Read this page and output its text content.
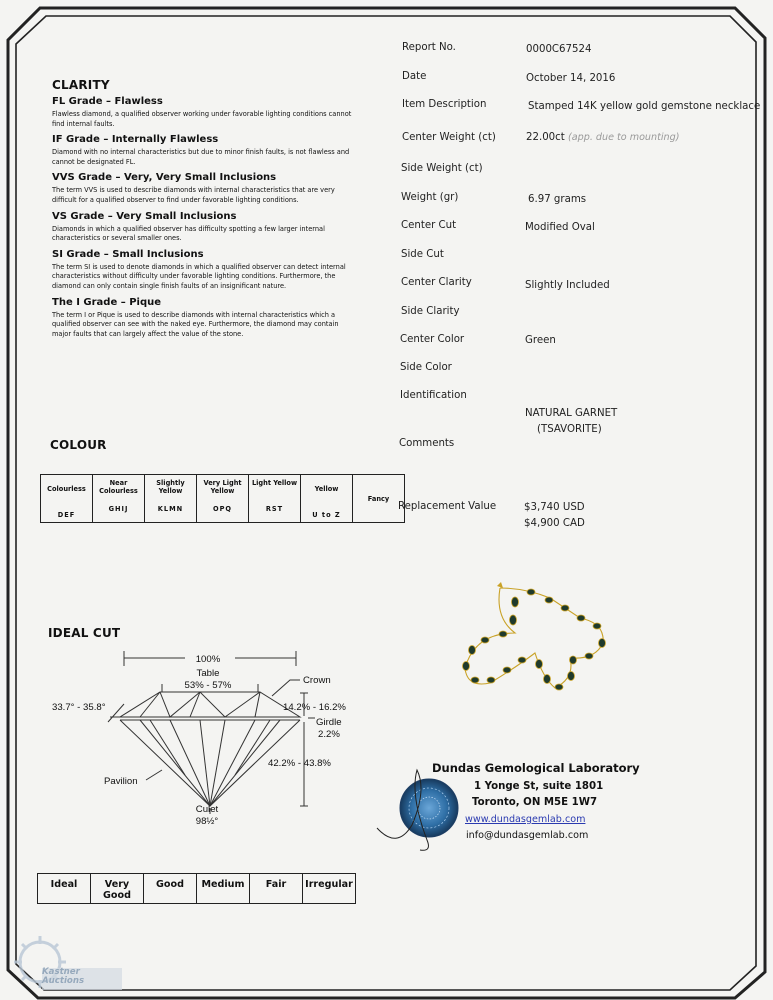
CLARITY
FL Grade – Flawless
Flawless diamond, a qualified observer working under favorable lighting conditions cannot find internal faults.
IF Grade – Internally Flawless
Diamond with no internal characteristics but due to minor finish faults, is not flawless and cannot be designated FL.
VVS Grade – Very, Very Small Inclusions
The term VVS is used to describe diamonds with internal characteristics that are very difficult for a qualified observer to find under favorable lighting conditions.
VS Grade – Very Small Inclusions
Diamonds in which a qualified observer has difficulty spotting a few larger internal characteristics or several smaller ones.
SI Grade – Small Inclusions
The term SI is used to denote diamonds in which a qualified observer can detect internal characteristics without difficulty under favorable lighting conditions. Furthermore, the diamond can only contain single finish faults of an insignificant nature.
The I Grade – Pique
The term I or Pique is used to describe diamonds with internal characteristics which a qualified observer can see with the naked eye. Furthermore, the diamond may contain major faults that can largely affect the value of the stone.
COLOUR
Colourless
DEF

Near Colourless
GHIJ

Slightly Yellow
KLMN

Very Light Yellow
OPQ

Light Yellow
RST

Yellow
U to Z
	Fancy
IDEAL CUT
100%
Table
53% - 57%	Crown
33.7° - 35.8°	14.2% - 16.2%
Girdle
2.2%
42.2% - 43.8%
Pavilion
Culet
98½°
Ideal	Very Good	Good	Medium	Fair	Irregular
Report No.	0000C67524
Date	October 14, 2016
Item Description	Stamped 14K yellow gold gemstone necklace
Center Weight (ct)	22.00ct (app. due to mounting)
Side Weight (ct)
Weight (gr)	6.97 grams
Center Cut	Modified Oval
Side Cut
Center Clarity	Slightly Included
Side Clarity
Center Color	Green
Side Color
Identification
NATURAL GARNET
(TSAVORITE)
Comments
Replacement Value	$3,740 USD
$4,900 CAD
Dundas Gemological Laboratory
1 Yonge St, suite 1801
Toronto, ON M5E 1W7
www.dundasgemlab.com
info@dundasgemlab.com
Kastner Auctions
